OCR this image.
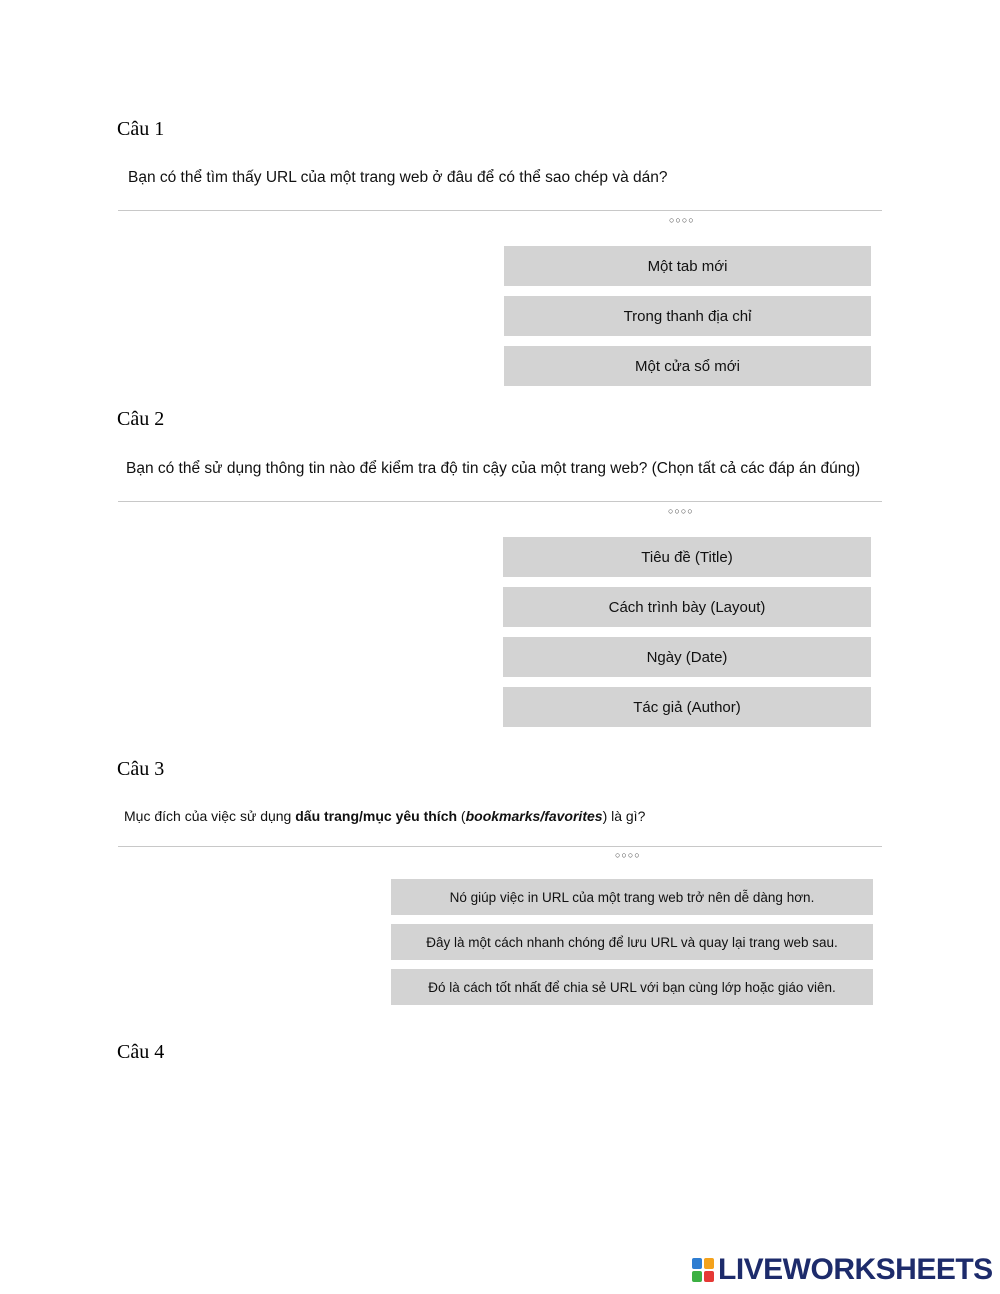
Câu 1
Bạn có thể tìm thấy URL của một trang web ở đâu để có thể sao chép và dán?
○○○○
Một tab mới
Trong thanh địa chỉ
Một cửa sổ mới
Câu 2
Bạn có thể sử dụng thông tin nào để kiểm tra độ tin cậy của một trang web? (Chọn tất cả các đáp án đúng)
○○○○
Tiêu đề (Title)
Cách trình bày (Layout)
Ngày (Date)
Tác giả (Author)
Câu 3
Mục đích của việc sử dụng dấu trang/mục yêu thích (bookmarks/favorites) là gì?
○○○○
Nó giúp việc in URL của một trang web trở nên dễ dàng hơn.
Đây là một cách nhanh chóng để lưu URL và quay lại trang web sau.
Đó là cách tốt nhất để chia sẻ URL với bạn cùng lớp hoặc giáo viên.
Câu 4
LIVEWORKSHEETS
